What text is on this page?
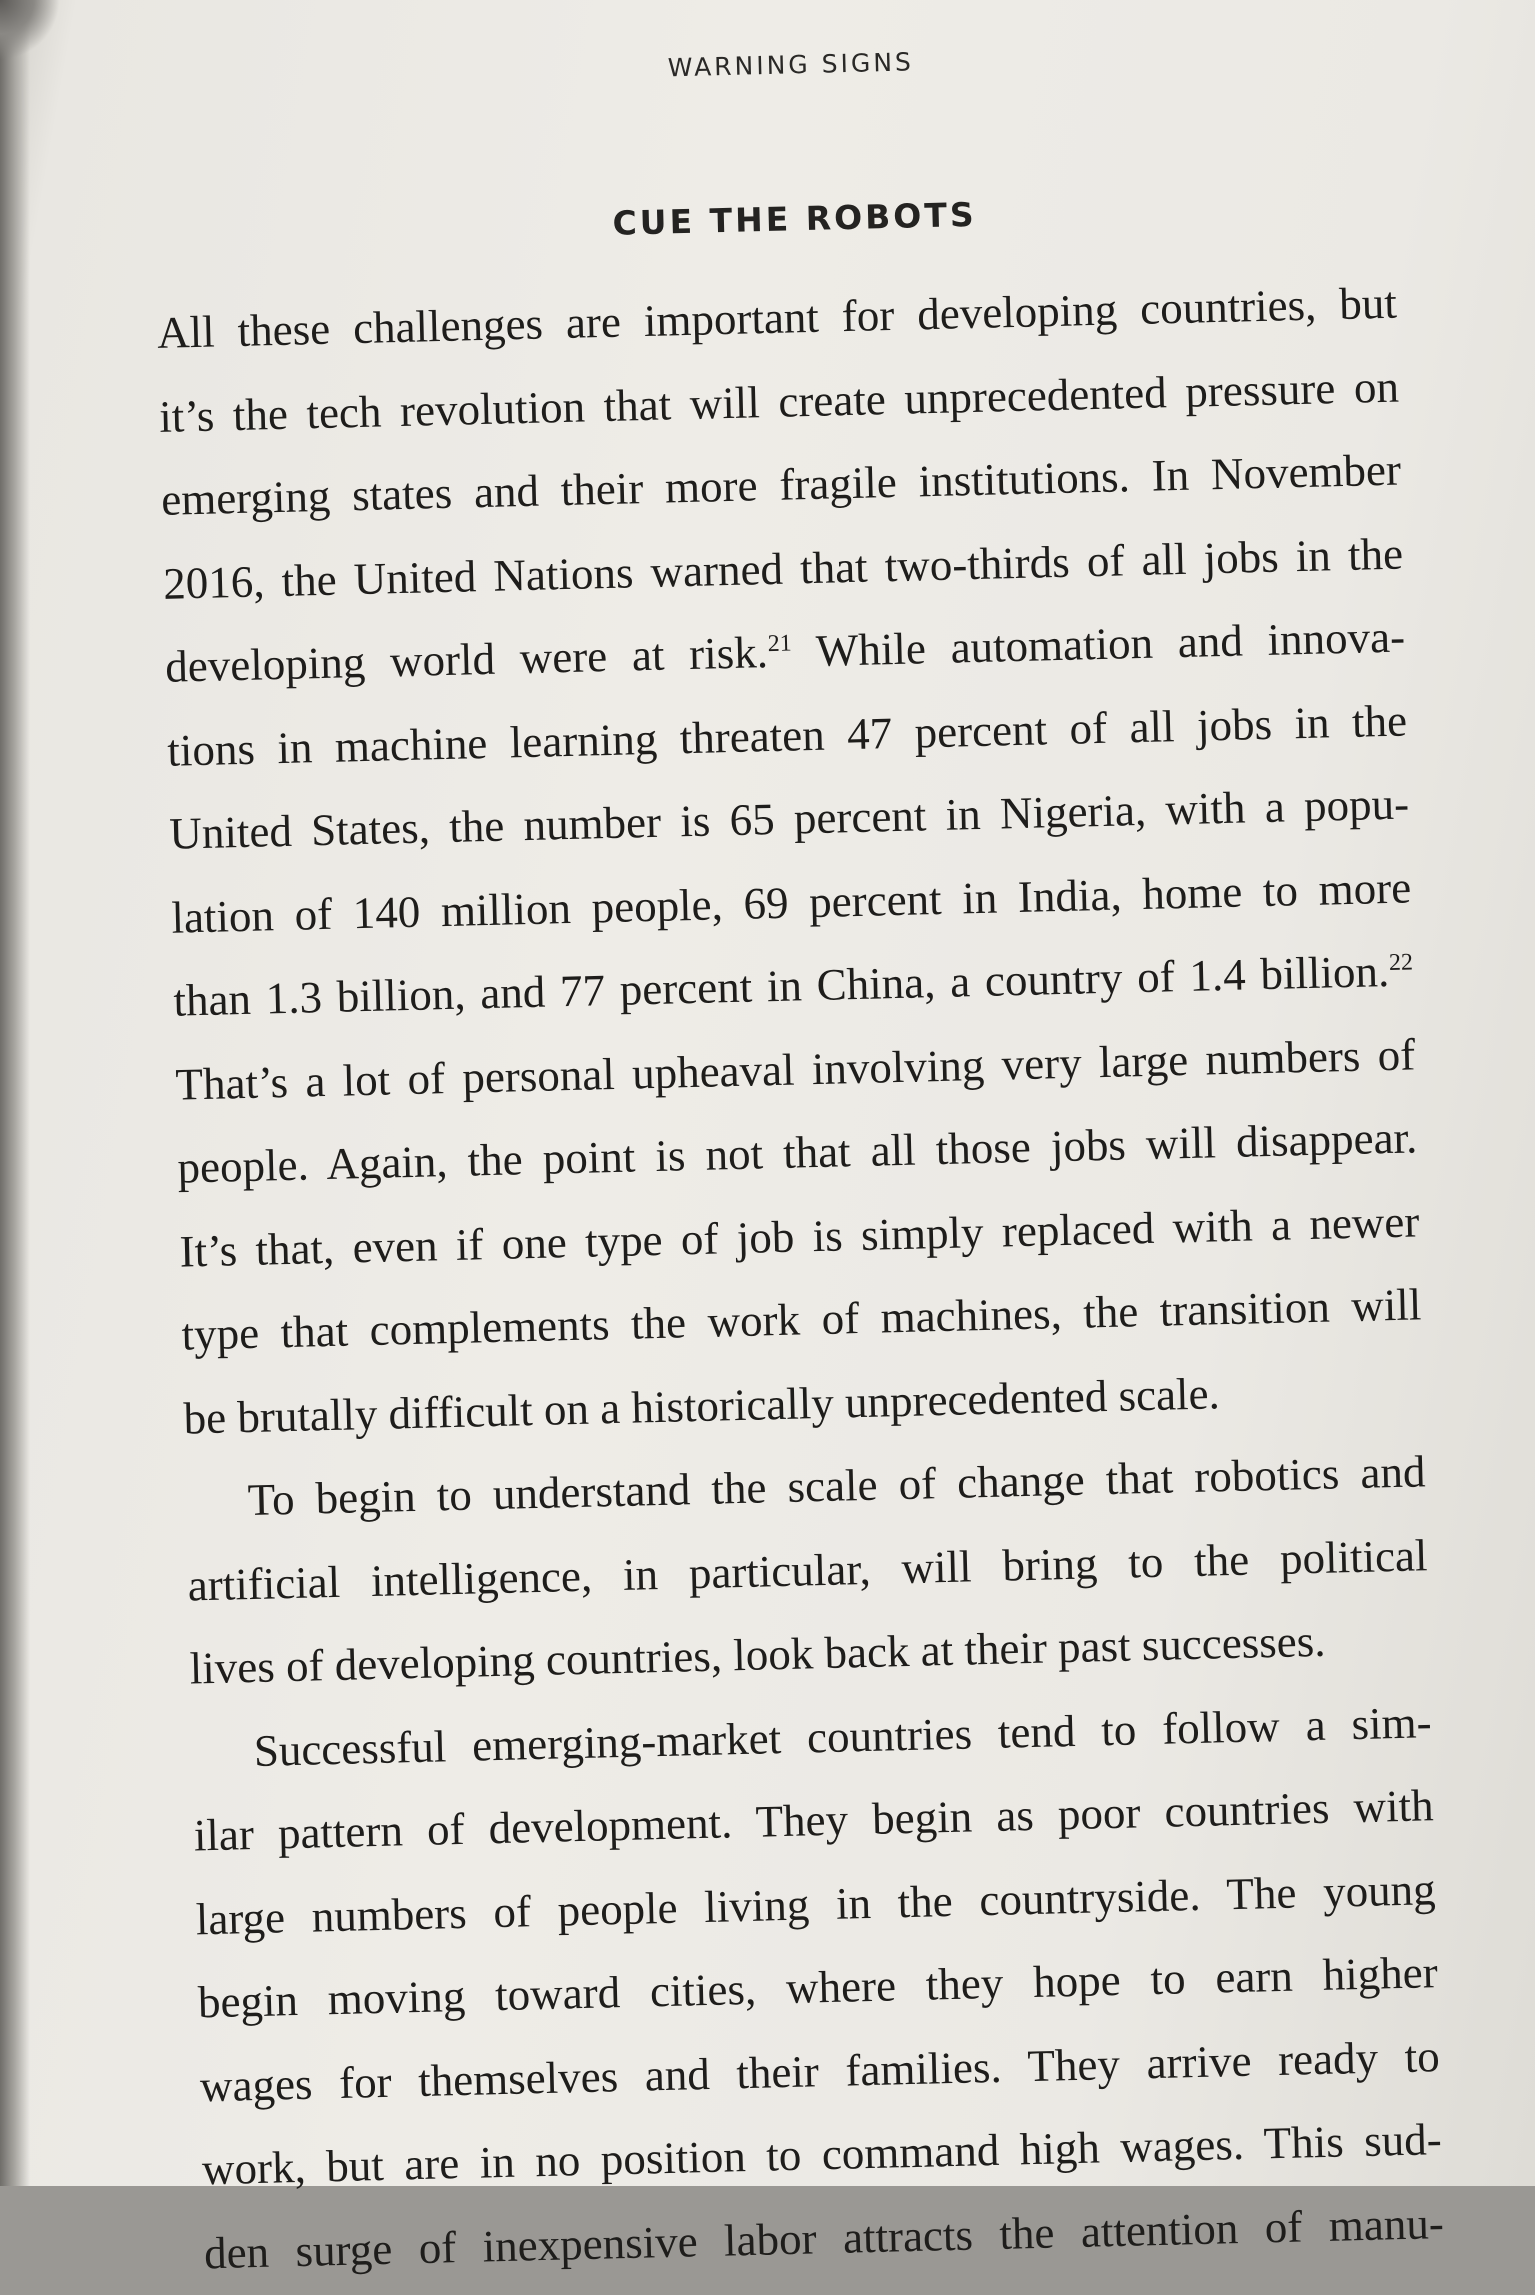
WARNING SIGNS
CUE THE ROBOTS
All these challenges are important for developing countries, but
it’s the tech revolution that will create unprecedented pressure on
emerging states and their more fragile institutions. In November
2016, the United Nations warned that two-thirds of all jobs in the
developing world were at risk.$^{21}$ While automation and innova-
tions in machine learning threaten 47 percent of all jobs in the
United States, the number is 65 percent in Nigeria, with a popu-
lation of 140 million people, 69 percent in India, home to more
than 1.3 billion, and 77 percent in China, a country of 1.4 billion.$^{22}$
That’s a lot of personal upheaval involving very large numbers of
people. Again, the point is not that all those jobs will disappear.
It’s that, even if one type of job is simply replaced with a newer
type that complements the work of machines, the transition will
be brutally difficult on a historically unprecedented scale.
To begin to understand the scale of change that robotics and
artificial intelligence, in particular, will bring to the political
lives of developing countries, look back at their past successes.
Successful emerging-market countries tend to follow a sim-
ilar pattern of development. They begin as poor countries with
large numbers of people living in the countryside. The young
begin moving toward cities, where they hope to earn higher
wages for themselves and their families. They arrive ready to
work, but are in no position to command high wages. This sud-
den surge of inexpensive labor attracts the attention of manu-
